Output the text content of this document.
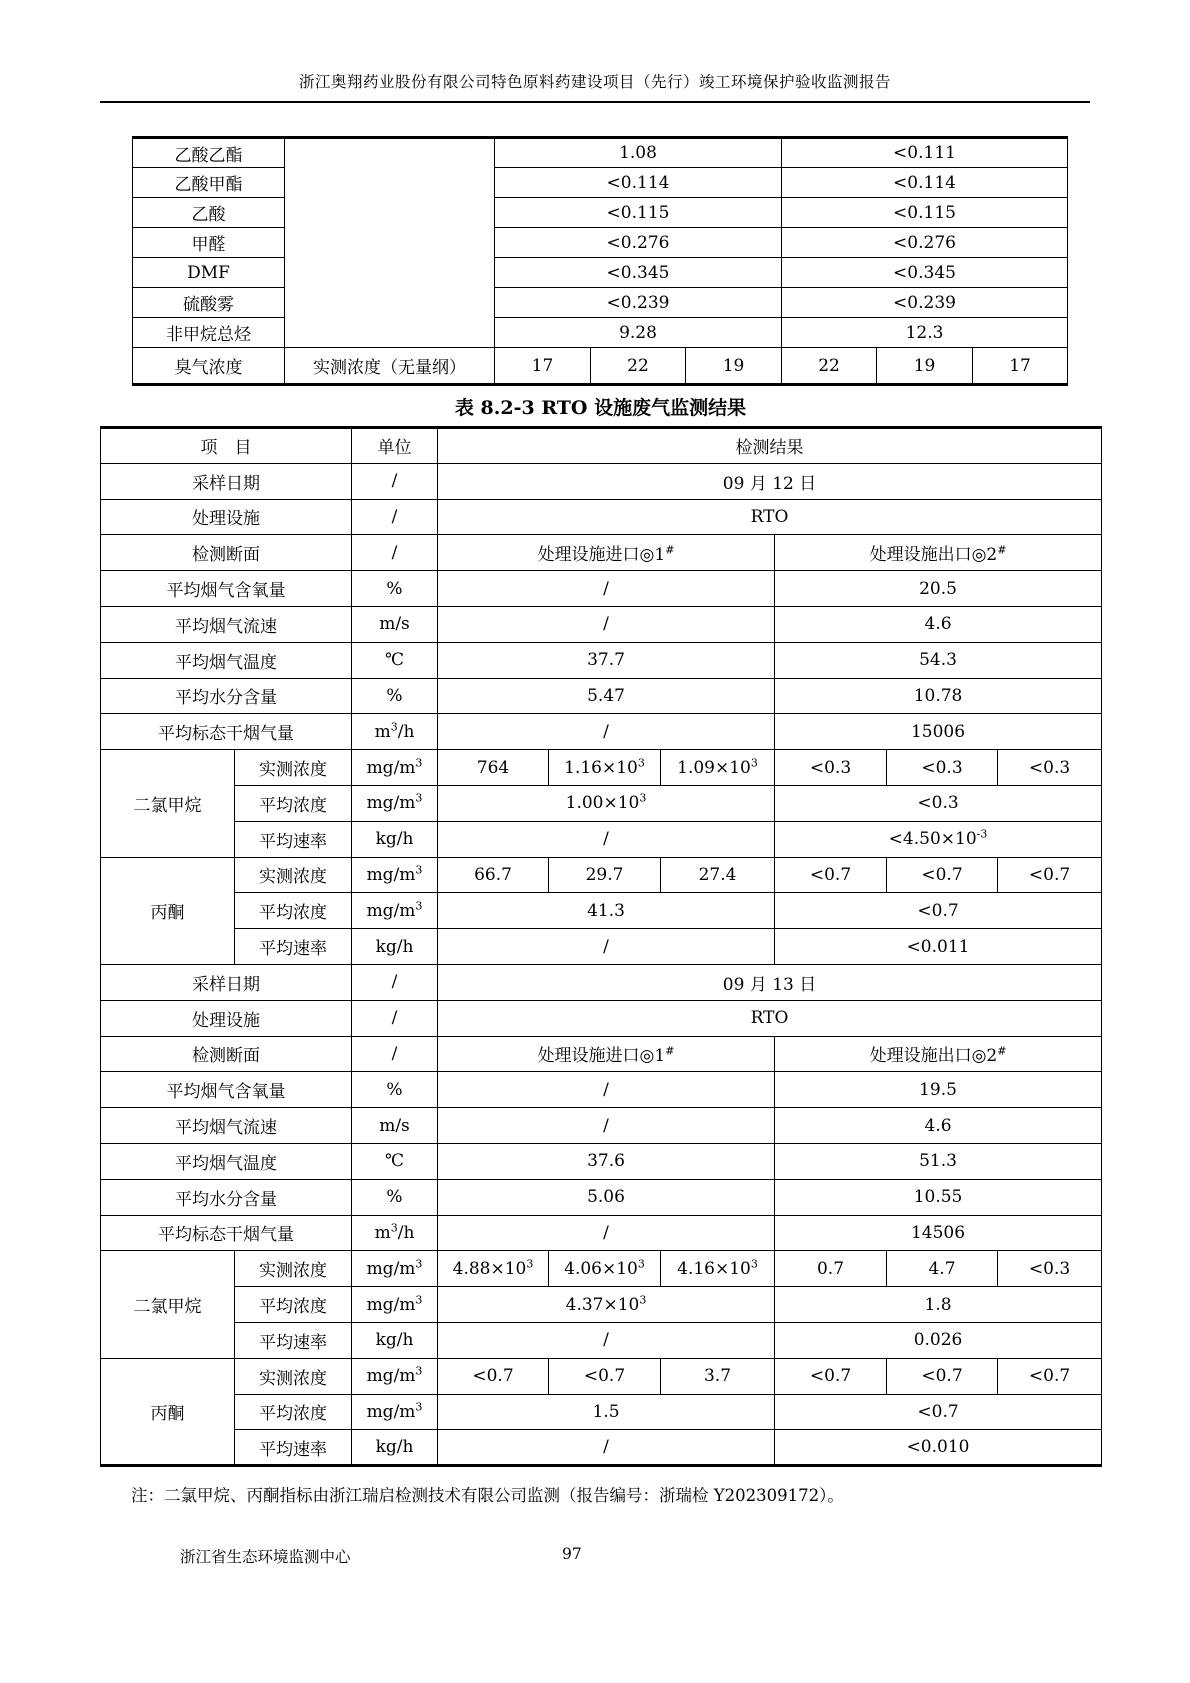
浙江奥翔药业股份有限公司特色原料药建设项目（先行）竣工环境保护验收监测报告
乙酸乙酯		1.08			<0.111		
乙酸甲酯		<0.114			<0.114		
乙酸		<0.115			<0.115		
甲醛		<0.276			<0.276		
DMF		<0.345			<0.345		
硫酸雾		<0.239			<0.239		
非甲烷总烃		9.28			12.3		
臭气浓度	实测浓度（无量纲）	17	22	19	22	19	17
表 8.2-3 RTO 设施废气监测结果
项　目		单位	检测结果					
采样日期		/	09 月 12 日					
处理设施		/	RTO					
检测断面		/	处理设施进口◎1#			处理设施出口◎2#
平均烟气含氧量		%	/			20.5		
平均烟气流速		m/s	/			4.6		
平均烟气温度		℃	37.7			54.3		
平均水分含量		%	5.47			10.78		
平均标态干烟气量		$m^3/h$	/			15006		
二氯甲烷	实测浓度	$mg/m^3$	764	$1.16\times 10^3$	$1.09\times 10^3$	<0.3	<0.3	<0.3
	平均浓度	$mg/m^3$	$1.00\times 10^3$			<0.3		
	平均速率	kg/h	/			$<4.50\times 10^{-3}$
丙酮	实测浓度	$mg/m^3$	66.7	29.7	27.4	<0.7	<0.7	<0.7
	平均浓度	$mg/m^3$	41.3			<0.7		
	平均速率	kg/h	/			<0.011		
采样日期		/	09 月 13 日					
处理设施		/	RTO					
检测断面		/	处理设施进口◎1#			处理设施出口◎2#
平均烟气含氧量		%	/			19.5		
平均烟气流速		m/s	/			4.6		
平均烟气温度		℃	37.6			51.3		
平均水分含量		%	5.06			10.55		
平均标态干烟气量		$m^3/h$	/			14506		
二氯甲烷	实测浓度	$mg/m^3$	$4.88\times 10^3$	$4.06\times 10^3$	$4.16\times 10^3$	0.7	4.7	<0.3
	平均浓度	$mg/m^3$	$4.37\times 10^3$			1.8		
	平均速率	kg/h	/			0.026		
丙酮	实测浓度	$mg/m^3$	<0.7	<0.7	3.7	<0.7	<0.7	<0.7
	平均浓度	$mg/m^3$	1.5			<0.7		
	平均速率	kg/h	/			<0.010		
注：二氯甲烷、丙酮指标由浙江瑞启检测技术有限公司监测（报告编号：浙瑞检 Y202309172）。
浙江省生态环境监测中心	97
